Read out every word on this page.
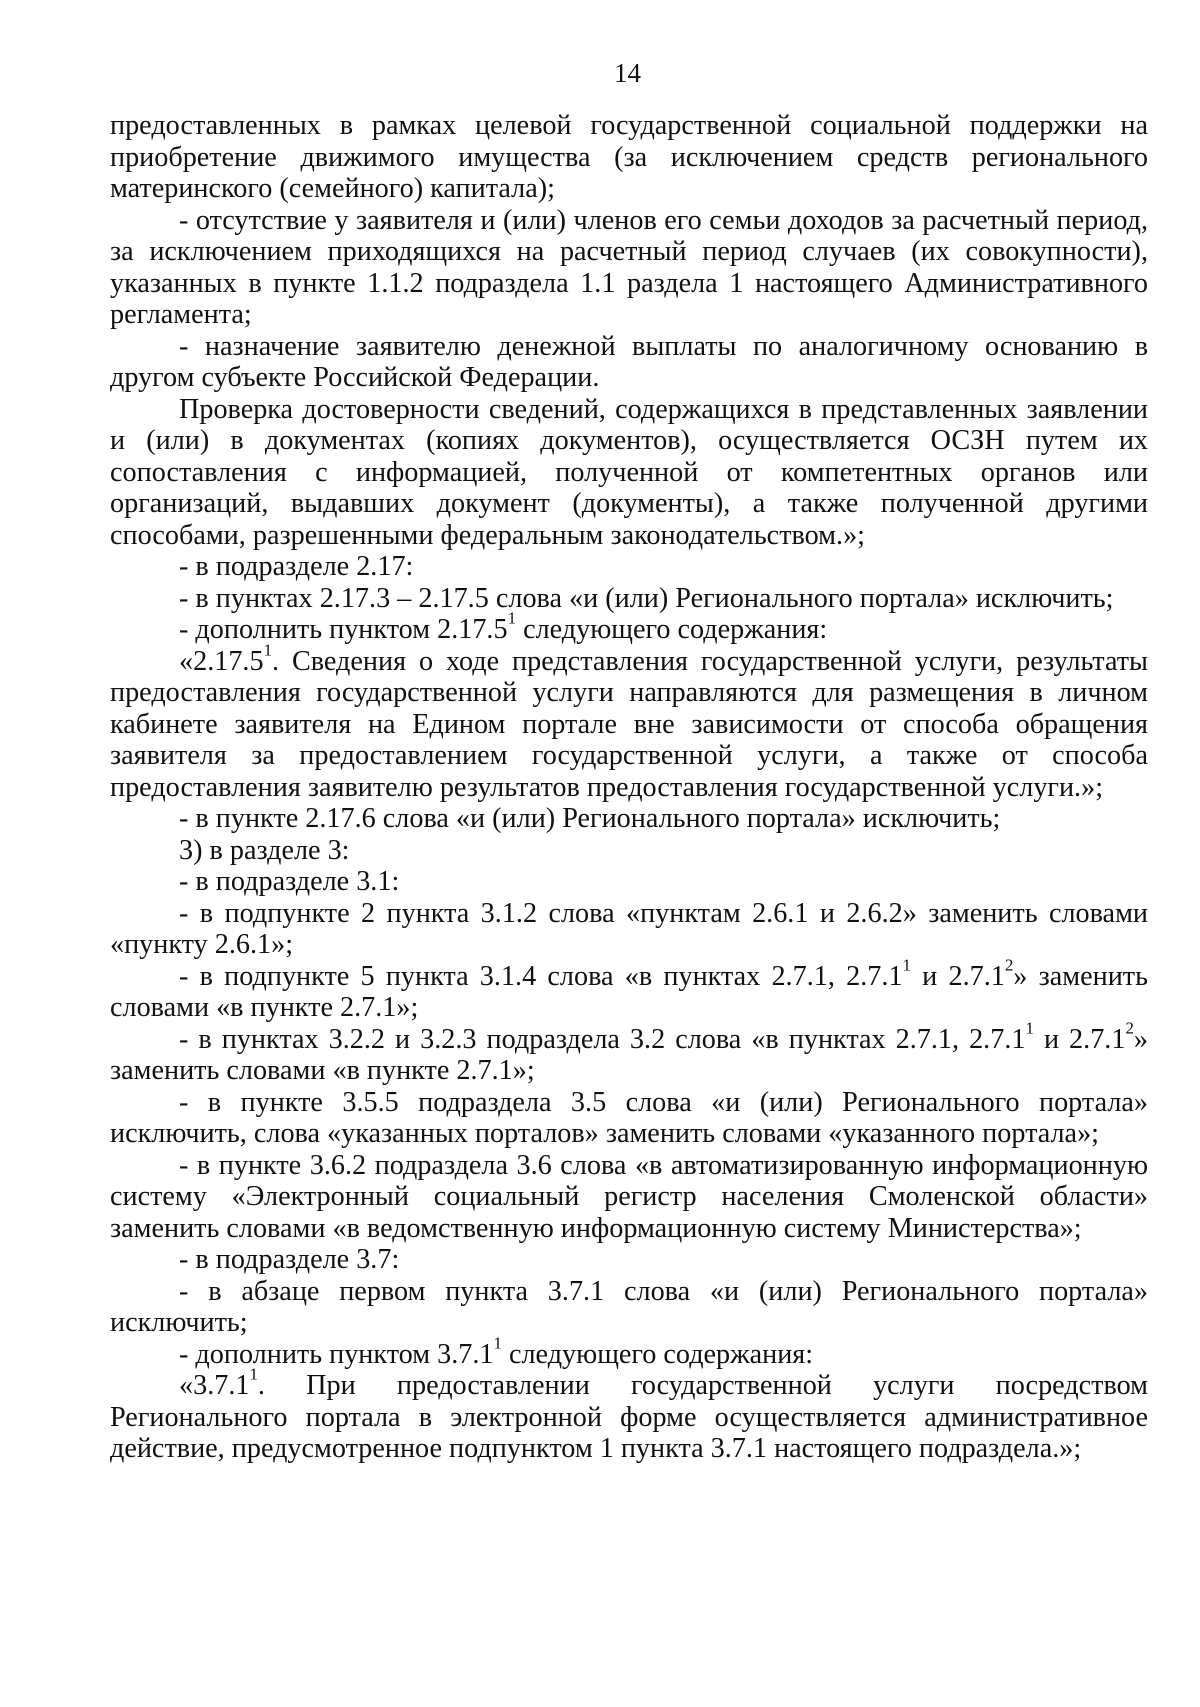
14

предоставленных в рамках целевой государственной социальной поддержки на приобретение движимого имущества (за исключением средств регионального материнского (семейного) капитала);

- отсутствие у заявителя и (или) членов его семьи доходов за расчетный период, за исключением приходящихся на расчетный период случаев (их совокупности), указанных в пункте 1.1.2 подраздела 1.1 раздела 1 настоящего Административного регламента;

- назначение заявителю денежной выплаты по аналогичному основанию в другом субъекте Российской Федерации.

Проверка достоверности сведений, содержащихся в представленных заявлении и (или) в документах (копиях документов), осуществляется ОСЗН путем их сопоставления с информацией, полученной от компетентных органов или организаций, выдавших документ (документы), а также полученной другими способами, разрешенными федеральным законодательством.»;

- в подразделе 2.17:

- в пунктах 2.17.3 – 2.17.5 слова «и (или) Регионального портала» исключить;

- дополнить пунктом 2.17.5$^1$ следующего содержания:

«2.17.5$^1$. Сведения о ходе представления государственной услуги, результаты предоставления государственной услуги направляются для размещения в личном кабинете заявителя на Едином портале вне зависимости от способа обращения заявителя за предоставлением государственной услуги, а также от способа предоставления заявителю результатов предоставления государственной услуги.»;

- в пункте 2.17.6 слова «и (или) Регионального портала» исключить;

3) в разделе 3:

- в подразделе 3.1:

- в подпункте 2 пункта 3.1.2 слова «пунктам 2.6.1 и 2.6.2» заменить словами «пункту 2.6.1»;

- в подпункте 5 пункта 3.1.4 слова «в пунктах 2.7.1, 2.7.1$^1$ и 2.7.1$^2$» заменить словами «в пункте 2.7.1»;

- в пунктах 3.2.2 и 3.2.3 подраздела 3.2 слова «в пунктах 2.7.1, 2.7.1$^1$ и 2.7.1$^2$» заменить словами «в пункте 2.7.1»;

- в пункте 3.5.5 подраздела 3.5 слова «и (или) Регионального портала» исключить, слова «указанных порталов» заменить словами «указанного портала»;

- в пункте 3.6.2 подраздела 3.6 слова «в автоматизированную информационную систему «Электронный социальный регистр населения Смоленской области» заменить словами «в ведомственную информационную систему Министерства»;

- в подразделе 3.7:

- в абзаце первом пункта 3.7.1 слова «и (или) Регионального портала» исключить;

- дополнить пунктом 3.7.1$^1$ следующего содержания:

«3.7.1$^1$. При предоставлении государственной услуги посредством Регионального портала в электронной форме осуществляется административное действие, предусмотренное подпунктом 1 пункта 3.7.1 настоящего подраздела.»;
